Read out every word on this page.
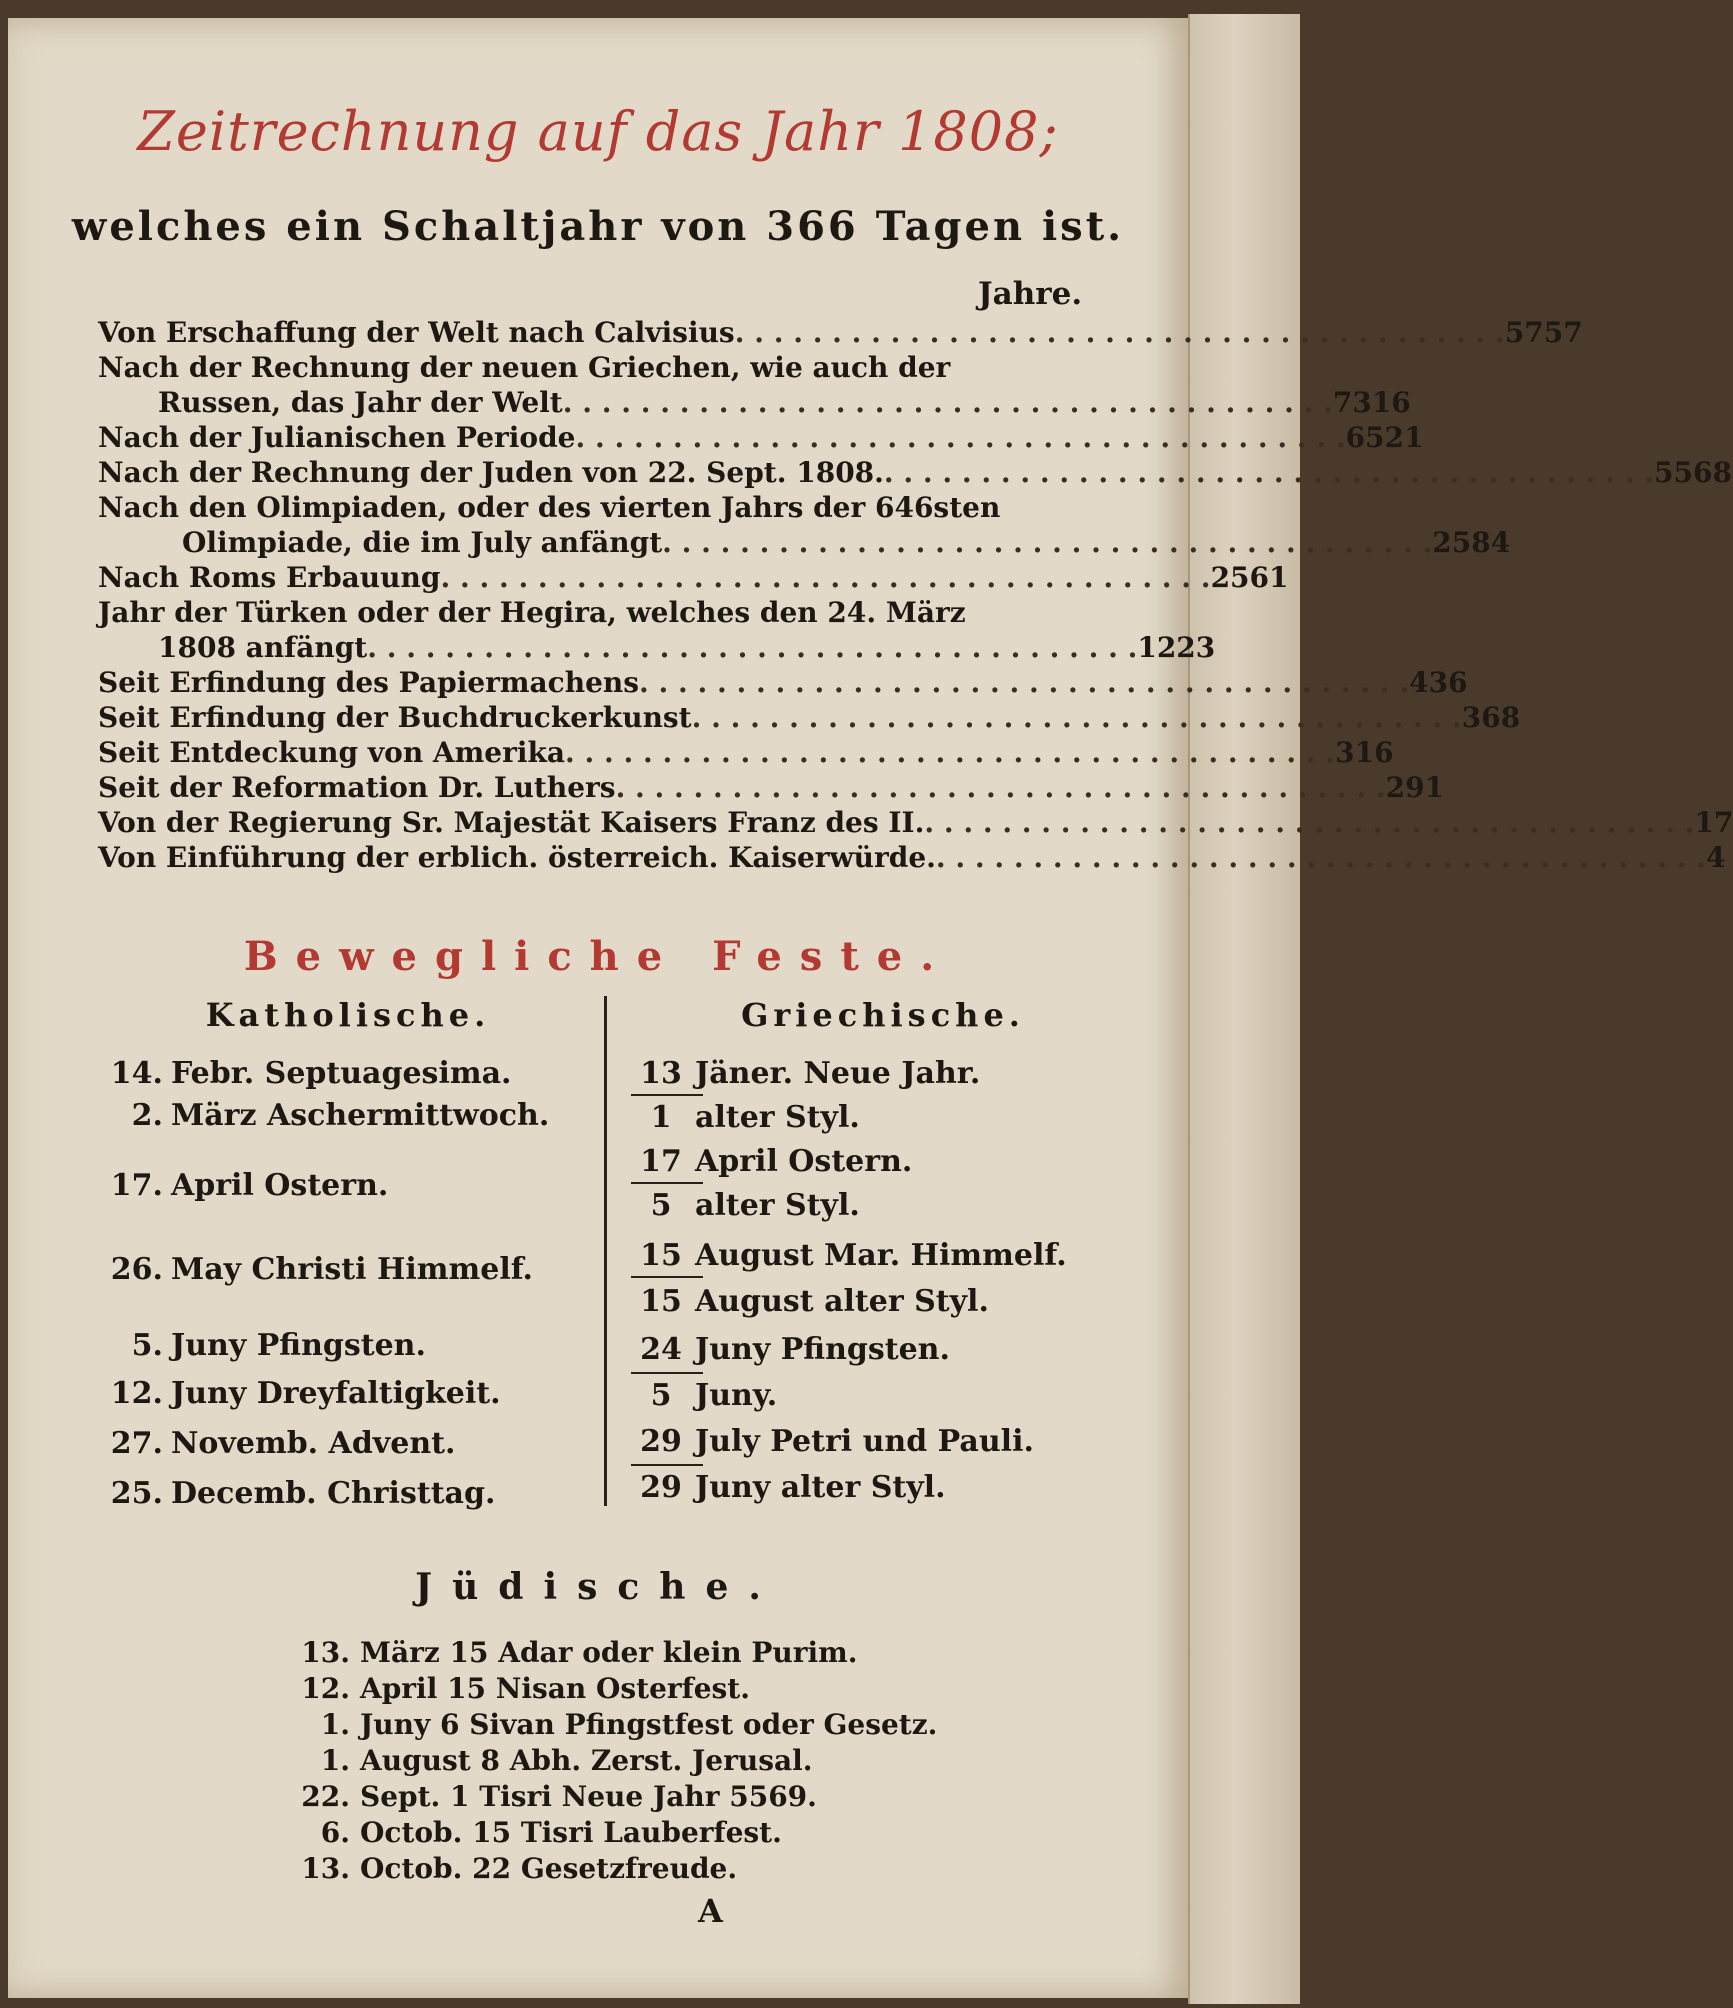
Zeitrechnung auf das Jahr 1808;
welches ein Schaltjahr von 366 Tagen ist.
Jahre.
Von Erschaffung der Welt nach Calvisius . . . . . . . . . . . . . . . . . . . . . . . . . . . . . . . . . . . . . . . . 5757
Nach der Rechnung der neuen Griechen, wie auch der
Russen, das Jahr der Welt . . . . . . . . . . . . . . . . . . . . . . . . . . . . . . . . . . . . . . . . 7316
Nach der Julianischen Periode . . . . . . . . . . . . . . . . . . . . . . . . . . . . . . . . . . . . . . . . 6521
Nach der Rechnung der Juden von 22. Sept. 1808. . . . . . . . . . . . . . . . . . . . . . . . . . . . . . . . . . . . . . . . . 5568
Nach den Olimpiaden, oder des vierten Jahrs der 646sten
Olimpiade, die im July anfängt . . . . . . . . . . . . . . . . . . . . . . . . . . . . . . . . . . . . . . . . 2584
Nach Roms Erbauung . . . . . . . . . . . . . . . . . . . . . . . . . . . . . . . . . . . . . . . . 2561
Jahr der Türken oder der Hegira, welches den 24. März
1808 anfängt . . . . . . . . . . . . . . . . . . . . . . . . . . . . . . . . . . . . . . . . 1223
Seit Erfindung des Papiermachens . . . . . . . . . . . . . . . . . . . . . . . . . . . . . . . . . . . . . . . . 436
Seit Erfindung der Buchdruckerkunst . . . . . . . . . . . . . . . . . . . . . . . . . . . . . . . . . . . . . . . . 368
Seit Entdeckung von Amerika . . . . . . . . . . . . . . . . . . . . . . . . . . . . . . . . . . . . . . . . 316
Seit der Reformation Dr. Luthers . . . . . . . . . . . . . . . . . . . . . . . . . . . . . . . . . . . . . . . . 291
Von der Regierung Sr. Majestät Kaisers Franz des II. . . . . . . . . . . . . . . . . . . . . . . . . . . . . . . . . . . . . . . . . 17
Von Einführung der erblich. österreich. Kaiserwürde. . . . . . . . . . . . . . . . . . . . . . . . . . . . . . . . . . . . . . . . . 4
Bewegliche Feste.
Katholische.
14. Febr. Septuagesima.
2. März Aschermittwoch.
17. April Ostern.
26. May Christi Himmelf.
5. Juny Pfingsten.
12. Juny Dreyfaltigkeit.
27. Novemb. Advent.
25. Decemb. Christtag.
Griechische.
13 Jäner. Neue Jahr.
1 alter Styl.
17 April Ostern.
5 alter Styl.
15 August Mar. Himmelf.
15 August alter Styl.
24 Juny Pfingsten.
5 Juny.
29 July Petri und Pauli.
29 Juny alter Styl.
Jüdische.
13. März 15 Adar oder klein Purim.
12. April 15 Nisan Osterfest.
1. Juny 6 Sivan Pfingstfest oder Gesetz.
1. August 8 Abh. Zerst. Jerusal.
22. Sept. 1 Tisri Neue Jahr 5569.
6. Octob. 15 Tisri Lauberfest.
13. Octob. 22 Gesetzfreude.
A
